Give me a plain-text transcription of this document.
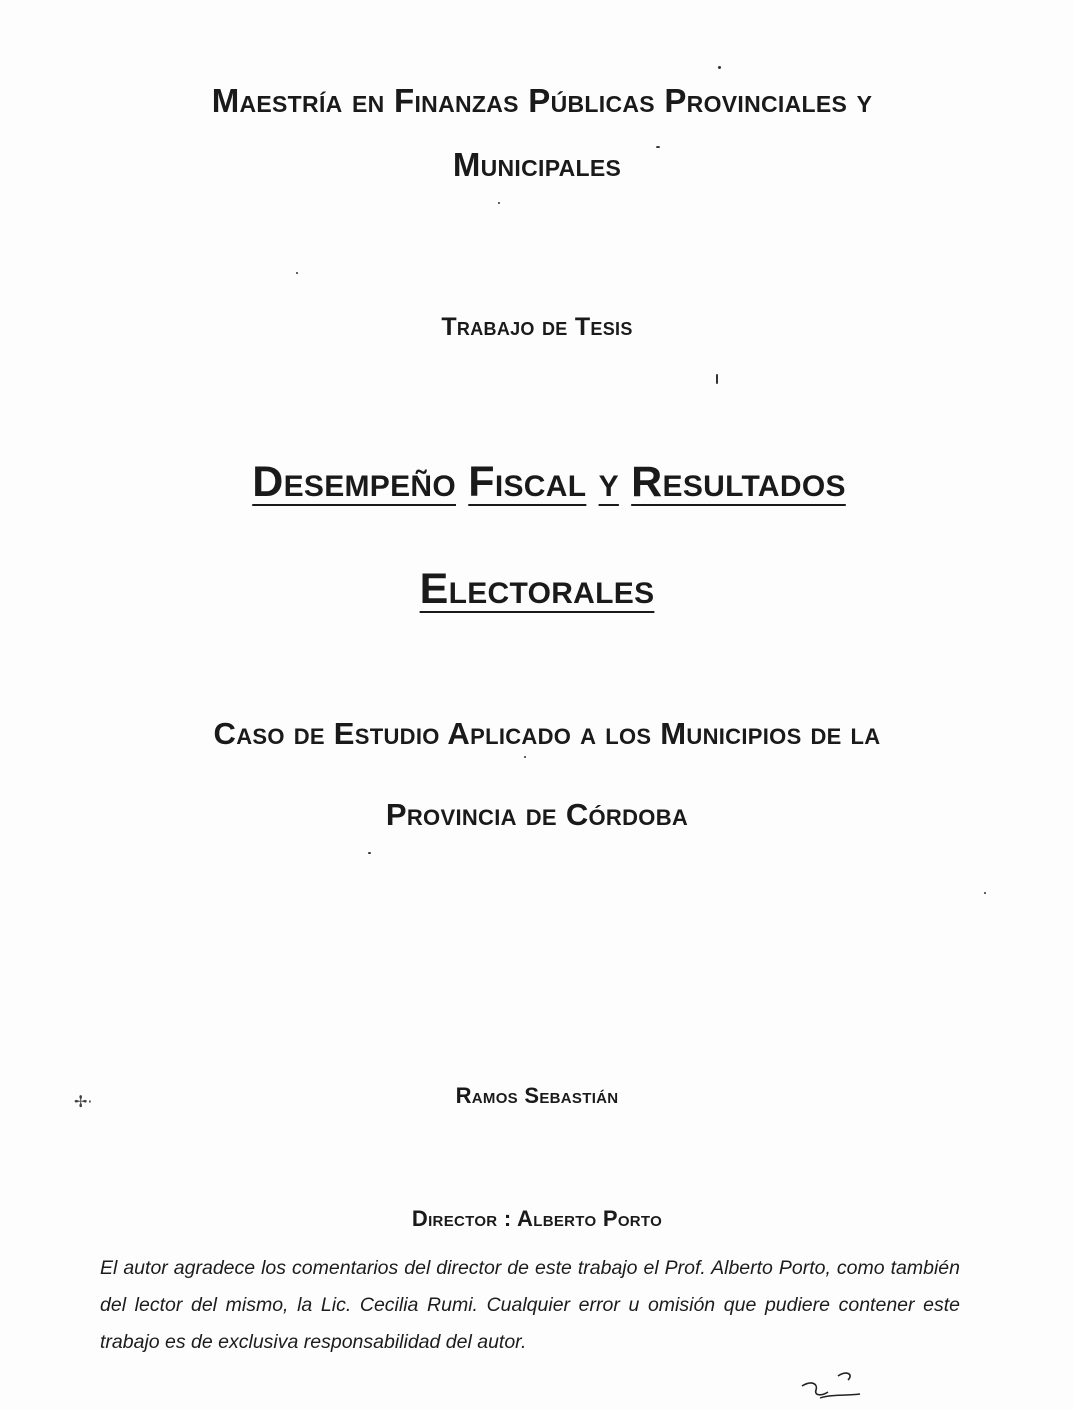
Maestría en Finanzas Públicas Provinciales y
Municipales
Trabajo de Tesis
Desempeño Fiscal y Resultados
Electorales
Caso de Estudio Aplicado a los Municipios de la
Provincia de Córdoba
Ramos Sebastián
Director : Alberto Porto
El autor agradece los comentarios del director de este trabajo el Prof. Alberto Porto, como también del lector del mismo, la Lic. Cecilia Rumi. Cualquier error u omisión que pudiere contener este trabajo es de exclusiva responsabilidad del autor.
✢·
